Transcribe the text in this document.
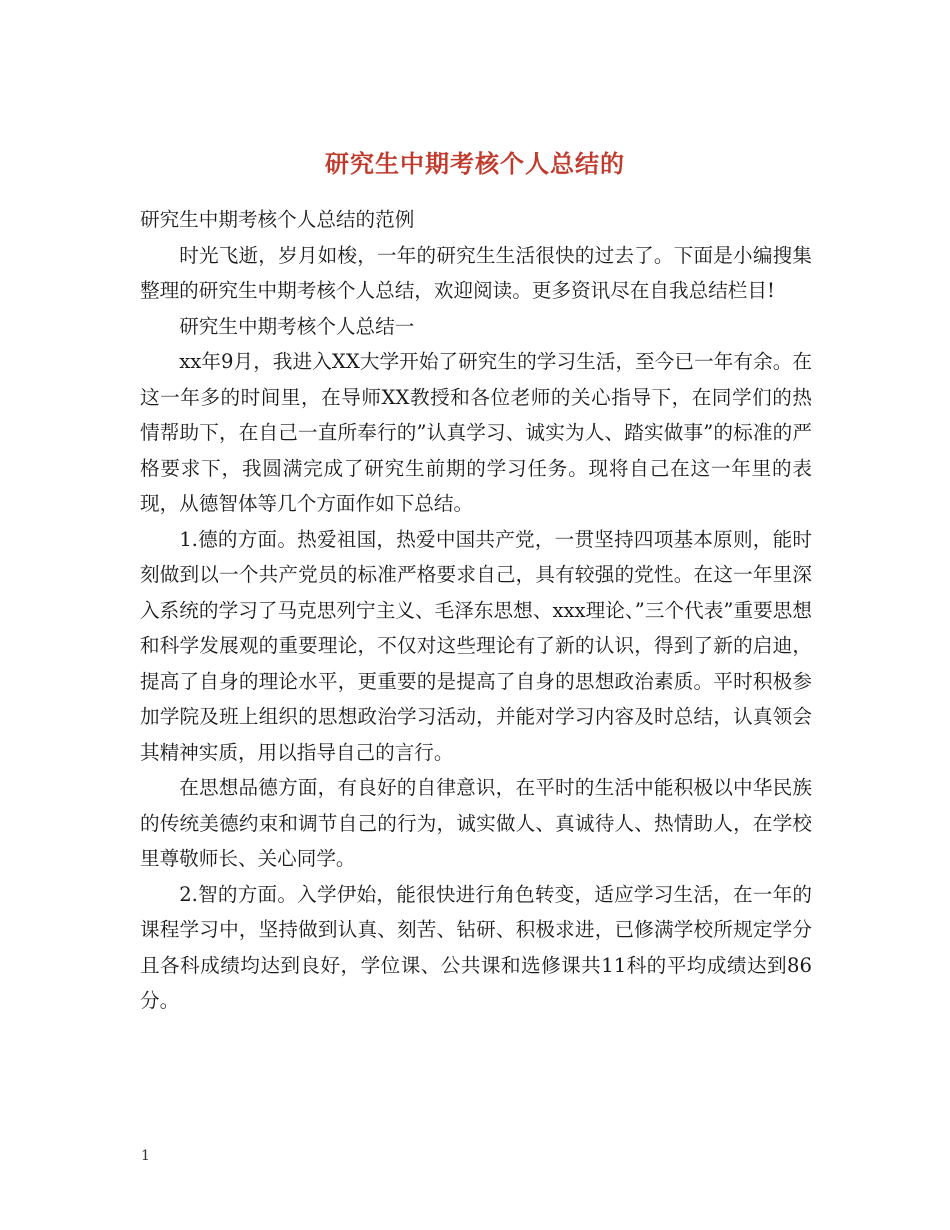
研究生中期考核个人总结的

研究生中期考核个人总结的范例

时光飞逝，岁月如梭，一年的研究生生活很快的过去了。下面是小编搜集整理的研究生中期考核个人总结，欢迎阅读。更多资讯尽在自我总结栏目!

研究生中期考核个人总结一

xx年9月，我进入XX大学开始了研究生的学习生活，至今已一年有余。在这一年多的时间里，在导师XX教授和各位老师的关心指导下，在同学们的热情帮助下，在自己一直所奉行的”认真学习、诚实为人、踏实做事”的标准的严格要求下，我圆满完成了研究生前期的学习任务。现将自己在这一年里的表现，从德智体等几个方面作如下总结。

1.德的方面。热爱祖国，热爱中国共产党，一贯坚持四项基本原则，能时刻做到以一个共产党员的标准严格要求自己，具有较强的党性。在这一年里深入系统的学习了马克思列宁主义、毛泽东思想、xxx理论、”三个代表”重要思想和科学发展观的重要理论，不仅对这些理论有了新的认识，得到了新的启迪，提高了自身的理论水平，更重要的是提高了自身的思想政治素质。平时积极参加学院及班上组织的思想政治学习活动，并能对学习内容及时总结，认真领会其精神实质，用以指导自己的言行。

在思想品德方面，有良好的自律意识，在平时的生活中能积极以中华民族的传统美德约束和调节自己的行为，诚实做人、真诚待人、热情助人，在学校里尊敬师长、关心同学。

2.智的方面。入学伊始，能很快进行角色转变，适应学习生活，在一年的课程学习中，坚持做到认真、刻苦、钻研、积极求进，已修满学校所规定学分且各科成绩均达到良好，学位课、公共课和选修课共11科的平均成绩达到86分。

1
